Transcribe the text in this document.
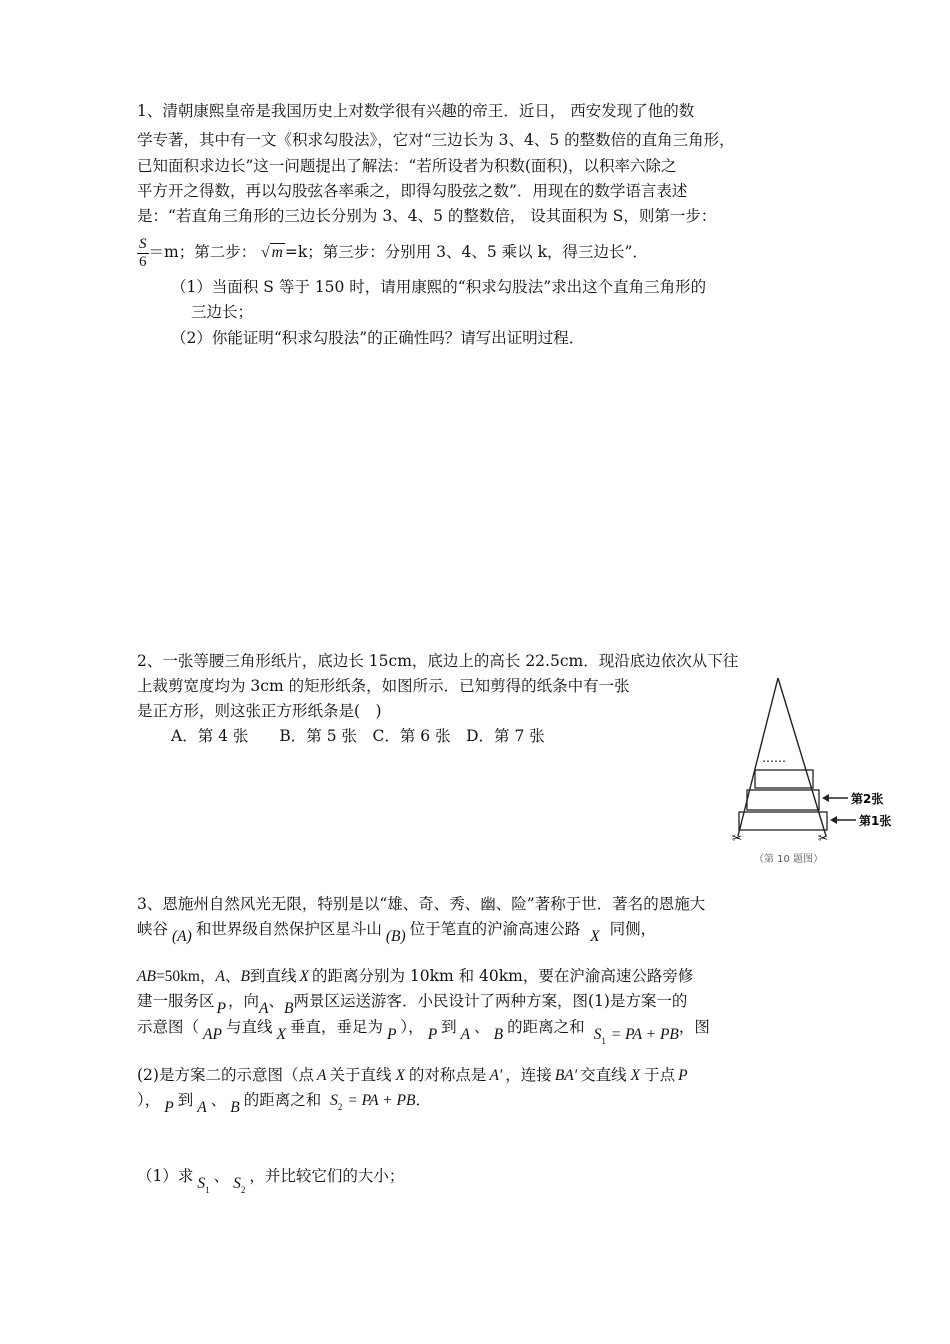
1、清朝康熙皇帝是我国历史上对数学很有兴趣的帝王．近日， 西安发现了他的数
学专著，其中有一文《积求勾股法》，它对“三边长为 3、4、5 的整数倍的直角三角形，
已知面积求边长”这一问题提出了解法：“若所设者为积数(面积)，以积率六除之
平方开之得数，再以勾股弦各率乘之，即得勾股弦之数”．用现在的数学语言表述
是：“若直角三角形的三边长分别为 3、4、5 的整数倍， 设其面积为 S，则第一步：
$\frac{S}{6} =m$；第二步： √ m =k；第三步：分别用 3、4、5 乘以 k，得三边长”．
（1）当面积 S 等于 150 时，请用康熙的“积求勾股法”求出这个直角三角形的
三边长；
（2）你能证明“积求勾股法”的正确性吗？请写出证明过程．
2、一张等腰三角形纸片，底边长 15cm，底边上的高长 22.5cm．现沿底边依次从下往
上裁剪宽度均为 3cm 的矩形纸条，如图所示．已知剪得的纸条中有一张
是正方形，则这张正方形纸条是(　)
A．第 4 张　　B．第 5 张　C．第 6 张　D．第 7 张
……
✂	✂
第2张
第1张
（第 10 题图）
3、恩施州自然风光无限，特别是以“雄、奇、秀、幽、险”著称于世．著名的恩施大
峡谷 (A) 和世界级自然保护区星斗山 (B) 位于笔直的沪渝高速公路 X 同侧，
AB=50km，A、B到直线 X 的距离分别为 10km 和 40km，要在沪渝高速公路旁修
建一服务区 P ，向A、B两景区运送游客．小民设计了两种方案，图(1)是方案一的
示意图（ AP 与直线 X 垂直，垂足为 P ）， P 到 A 、 B 的距离之和 $S_1$ = PA + PB，图
(2)是方案二的示意图（点 A 关于直线 X 的对称点是 A′ ，连接 BA′ 交直线 X 于点 P
）， P 到 A 、 B 的距离之和 $S_2$ = PA + PB．
（1）求 $S_1$、 $S_2$，并比较它们的大小；
